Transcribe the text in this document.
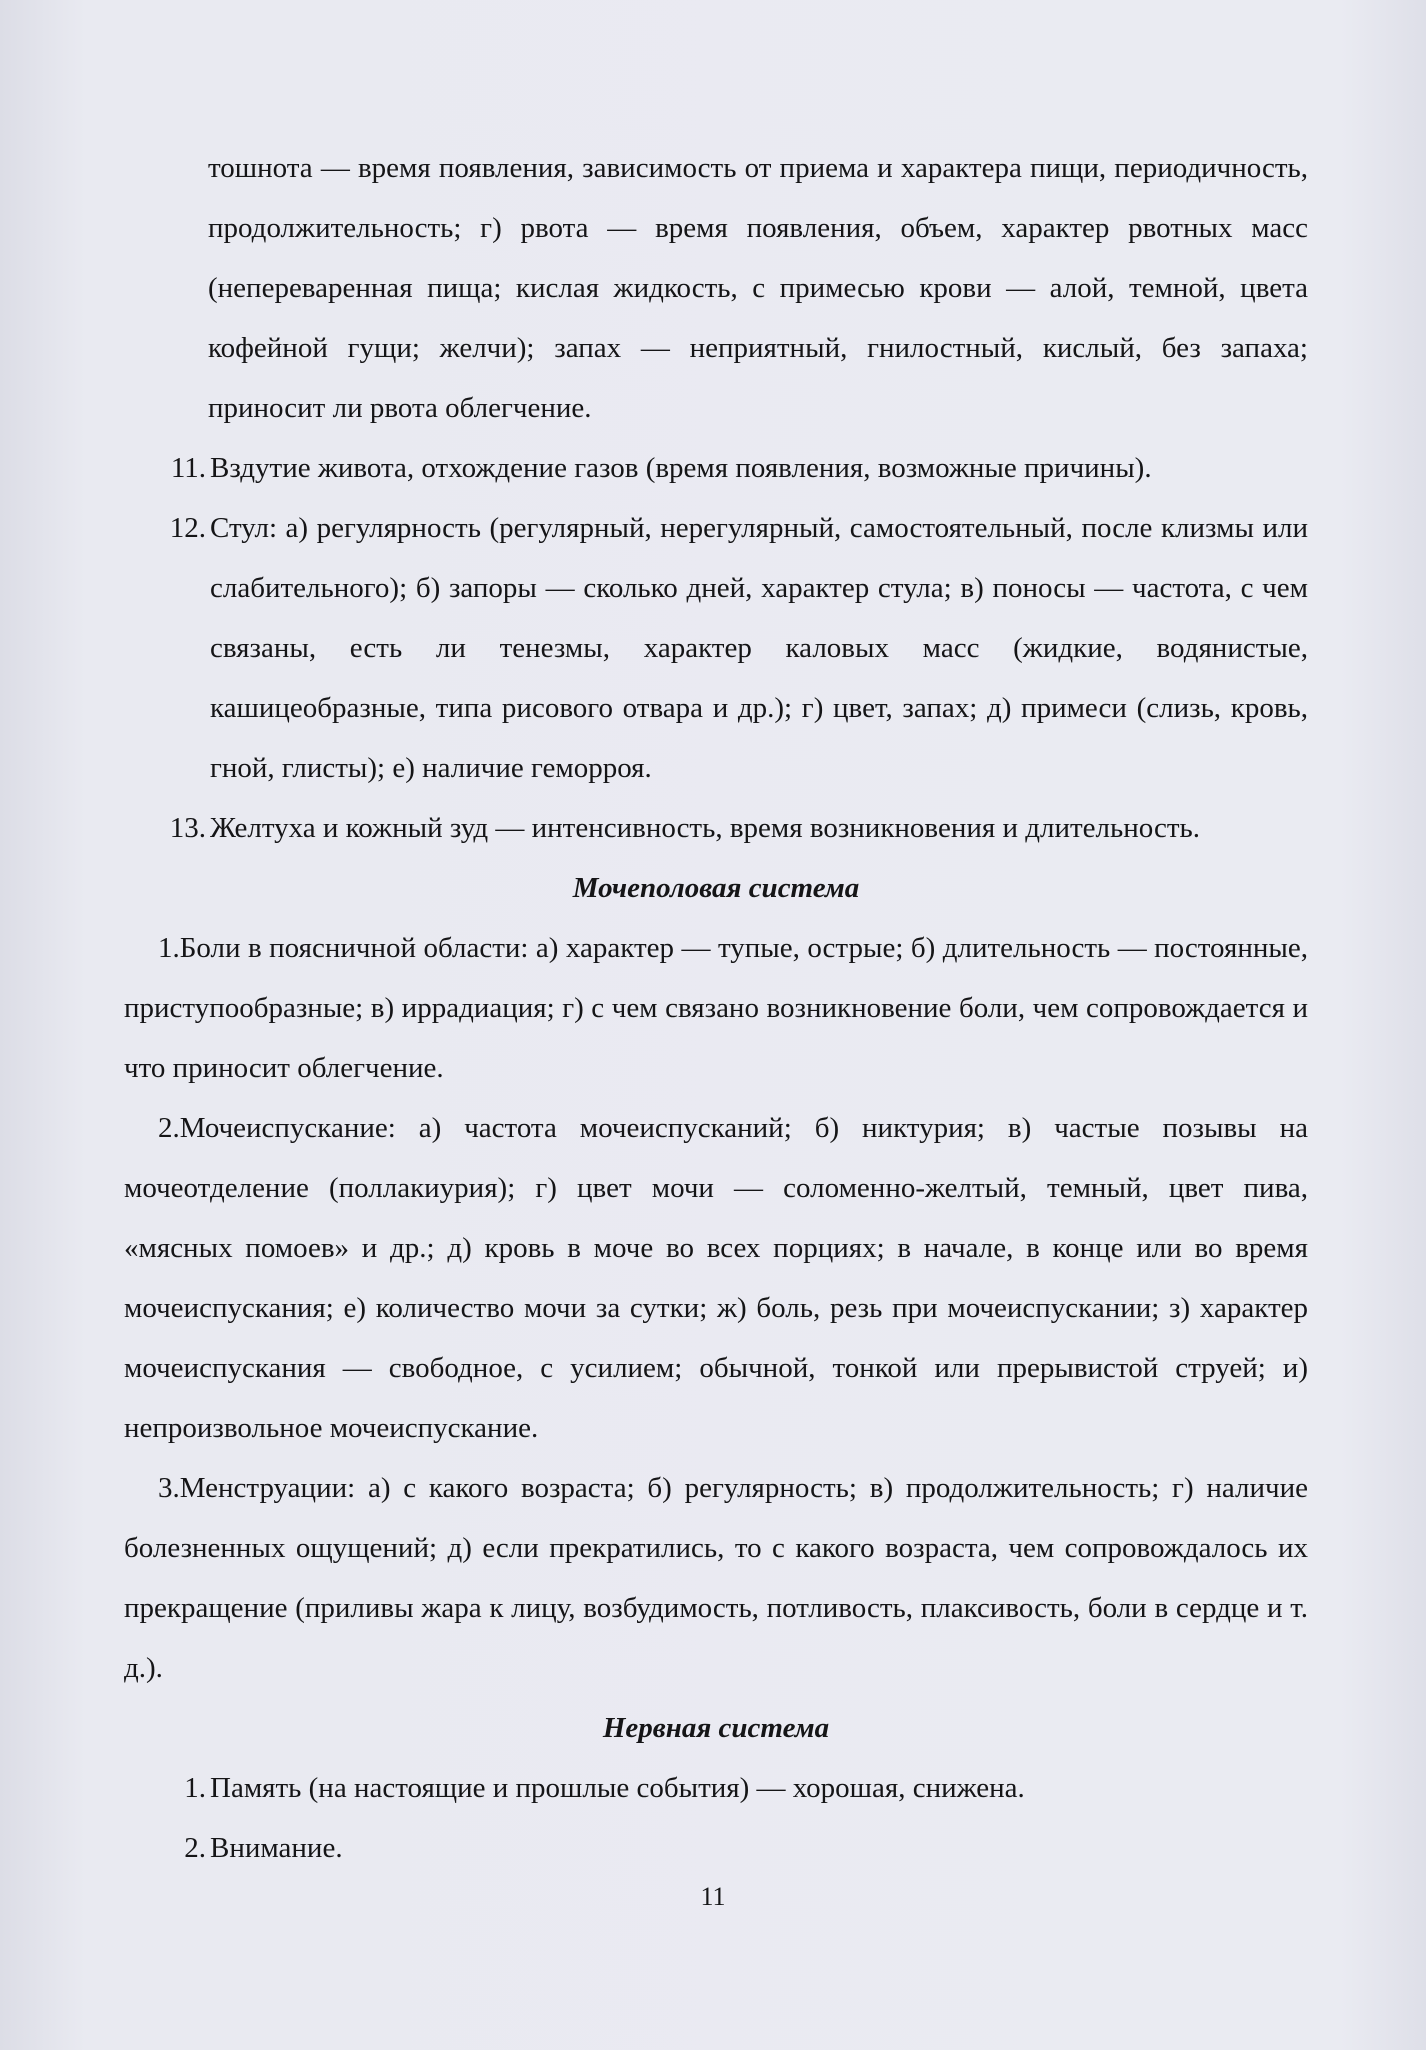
тошнота — время появления, зависимость от приема и характера пищи, периодичность, продолжительность; г) рвота — время появления, объем, характер рвотных масс (непереваренная пища; кислая жидкость, с примесью крови — алой, темной, цвета кофейной гущи; желчи); запах — неприятный, гнилостный, кислый, без запаха; приносит ли рвота облегчение.

11. Вздутие живота, отхождение газов (время появления, возможные причины).
12. Стул: а) регулярность (регулярный, нерегулярный, самостоятельный, после клизмы или слабительного); б) запоры — сколько дней, характер стула; в) поносы — частота, с чем связаны, есть ли тенезмы, характер каловых масс (жидкие, водянистые, кашицеобразные, типа рисового отвара и др.); г) цвет, запах; д) примеси (слизь, кровь, гной, глисты); е) наличие геморроя.
13. Желтуха и кожный зуд — интенсивность, время возникновения и длительность.

Мочеполовая система

1.Боли в поясничной области: а) характер — тупые, острые; б) длительность — постоянные, приступообразные; в) иррадиация; г) с чем связано возникновение боли, чем сопровождается и что приносит облегчение.

2.Мочеиспускание: а) частота мочеиспусканий; б) никтурия; в) частые позывы на мочеотделение (поллакиурия); г) цвет мочи — соломенно-желтый, темный, цвет пива, «мясных помоев» и др.; д) кровь в моче во всех порциях; в начале, в конце или во время мочеиспускания; е) количество мочи за сутки; ж) боль, резь при мочеиспускании; з) характер мочеиспускания — свободное, с усилием; обычной, тонкой или прерывистой струей; и) непроизвольное мочеиспускание.

3.Менструации: а) с какого возраста; б) регулярность; в) продолжительность; г) наличие болезненных ощущений; д) если прекратились, то с какого возраста, чем сопровождалось их прекращение (приливы жара к лицу, возбудимость, потливость, плаксивость, боли в сердце и т. д.).

Нервная система

1. Память (на настоящие и прошлые события) — хорошая, снижена.
2. Внимание.
11
